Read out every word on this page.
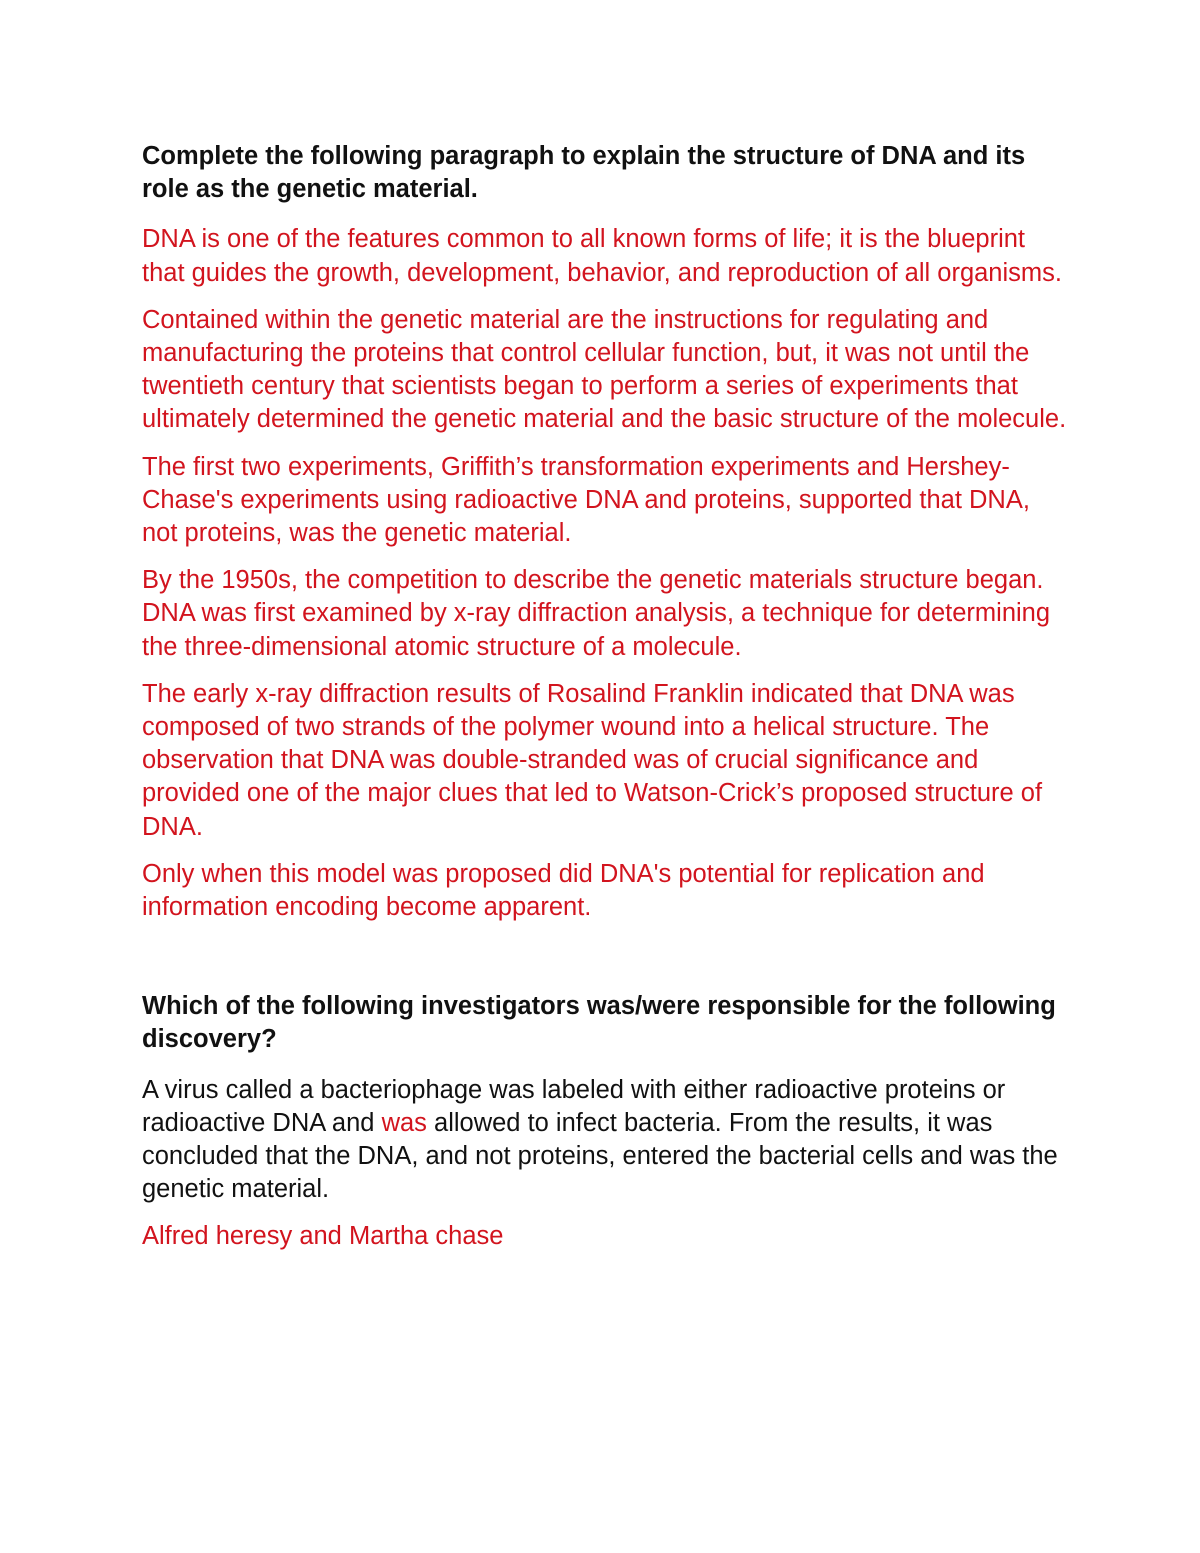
Complete the following paragraph to explain the structure of DNA and its role as the genetic material.

DNA is one of the features common to all known forms of life; it is the blueprint that guides the growth, development, behavior, and reproduction of all organisms.

Contained within the genetic material are the instructions for regulating and manufacturing the proteins that control cellular function, but, it was not until the twentieth century that scientists began to perform a series of experiments that ultimately determined the genetic material and the basic structure of the molecule.

The first two experiments, Griffith’s transformation experiments and Hershey-Chase's experiments using radioactive DNA and proteins, supported that DNA, not proteins, was the genetic material.

By the 1950s, the competition to describe the genetic materials structure began. DNA was first examined by x-ray diffraction analysis, a technique for determining the three-dimensional atomic structure of a molecule.

The early x-ray diffraction results of Rosalind Franklin indicated that DNA was composed of two strands of the polymer wound into a helical structure. The observation that DNA was double-stranded was of crucial significance and provided one of the major clues that led to Watson-Crick’s proposed structure of DNA.

Only when this model was proposed did DNA's potential for replication and information encoding become apparent.

Which of the following investigators was/were responsible for the following discovery?

A virus called a bacteriophage was labeled with either radioactive proteins or radioactive DNA and was allowed to infect bacteria. From the results, it was concluded that the DNA, and not proteins, entered the bacterial cells and was the genetic material.

Alfred heresy and Martha chase
